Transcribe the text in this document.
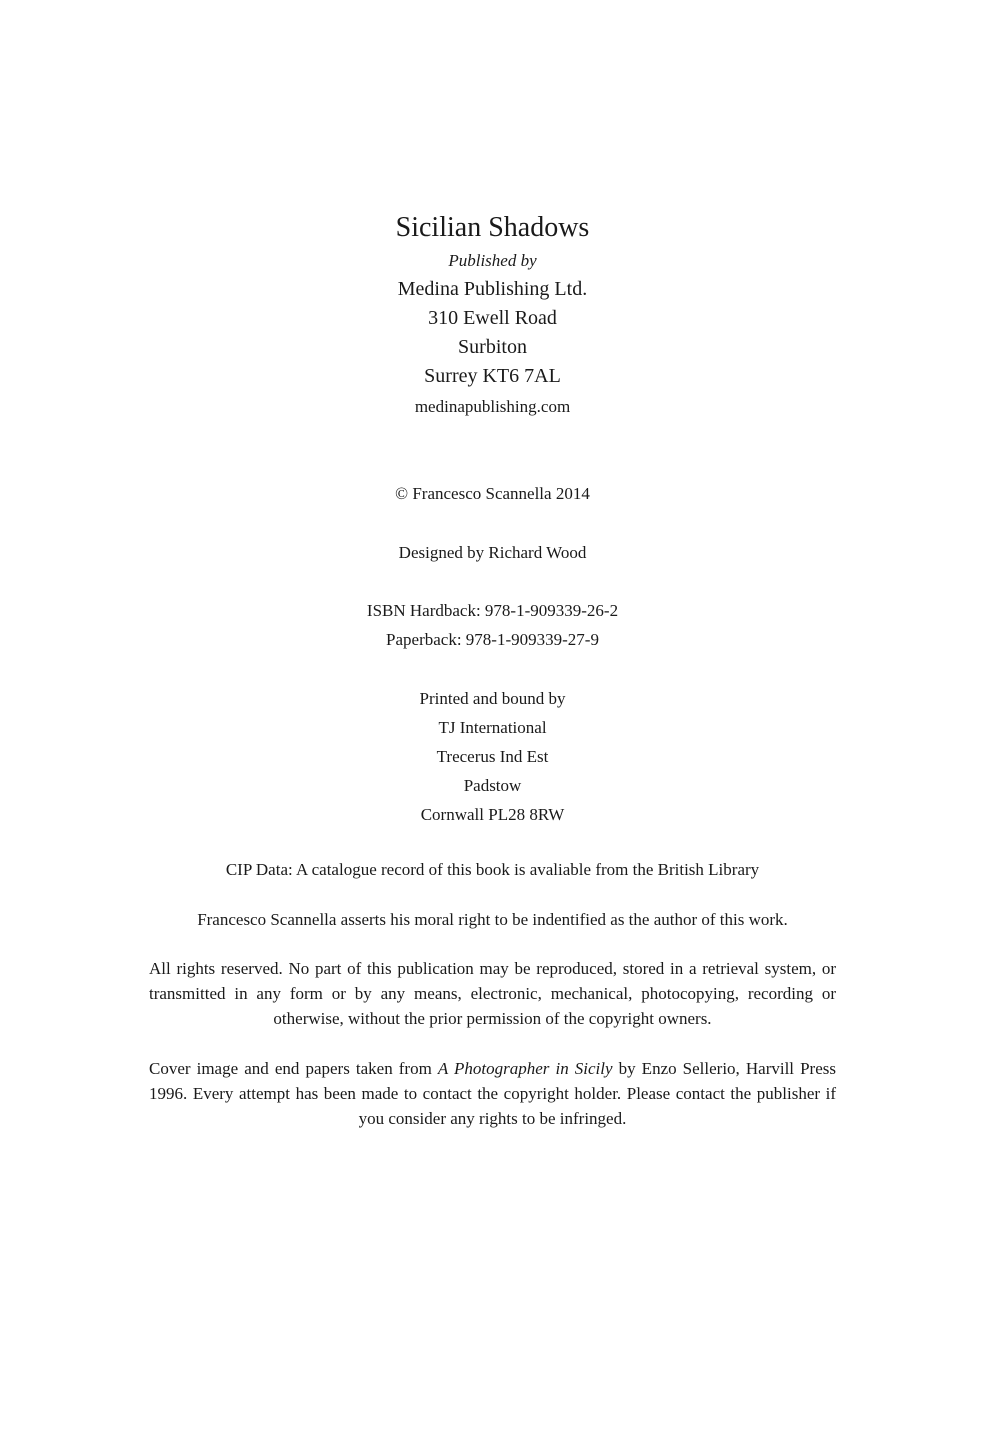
Sicilian Shadows
Published by
Medina Publishing Ltd.
310 Ewell Road
Surbiton
Surrey KT6 7AL
medinapublishing.com
© Francesco Scannella 2014
Designed by Richard Wood
ISBN Hardback: 978-1-909339-26-2
Paperback: 978-1-909339-27-9
Printed and bound by
TJ International
Trecerus Ind Est
Padstow
Cornwall PL28 8RW
CIP Data: A catalogue record of this book is avaliable from the British Library
Francesco Scannella asserts his moral right to be indentified as the author of this work.
All rights reserved. No part of this publication may be reproduced, stored in a retrieval system, or transmitted in any form or by any means, electronic, mechanical, photocopying, recording or otherwise, without the prior permission of the copyright owners.
Cover image and end papers taken from A Photographer in Sicily by Enzo Sellerio, Harvill Press 1996. Every attempt has been made to contact the copyright holder. Please contact the publisher if you consider any rights to be infringed.
